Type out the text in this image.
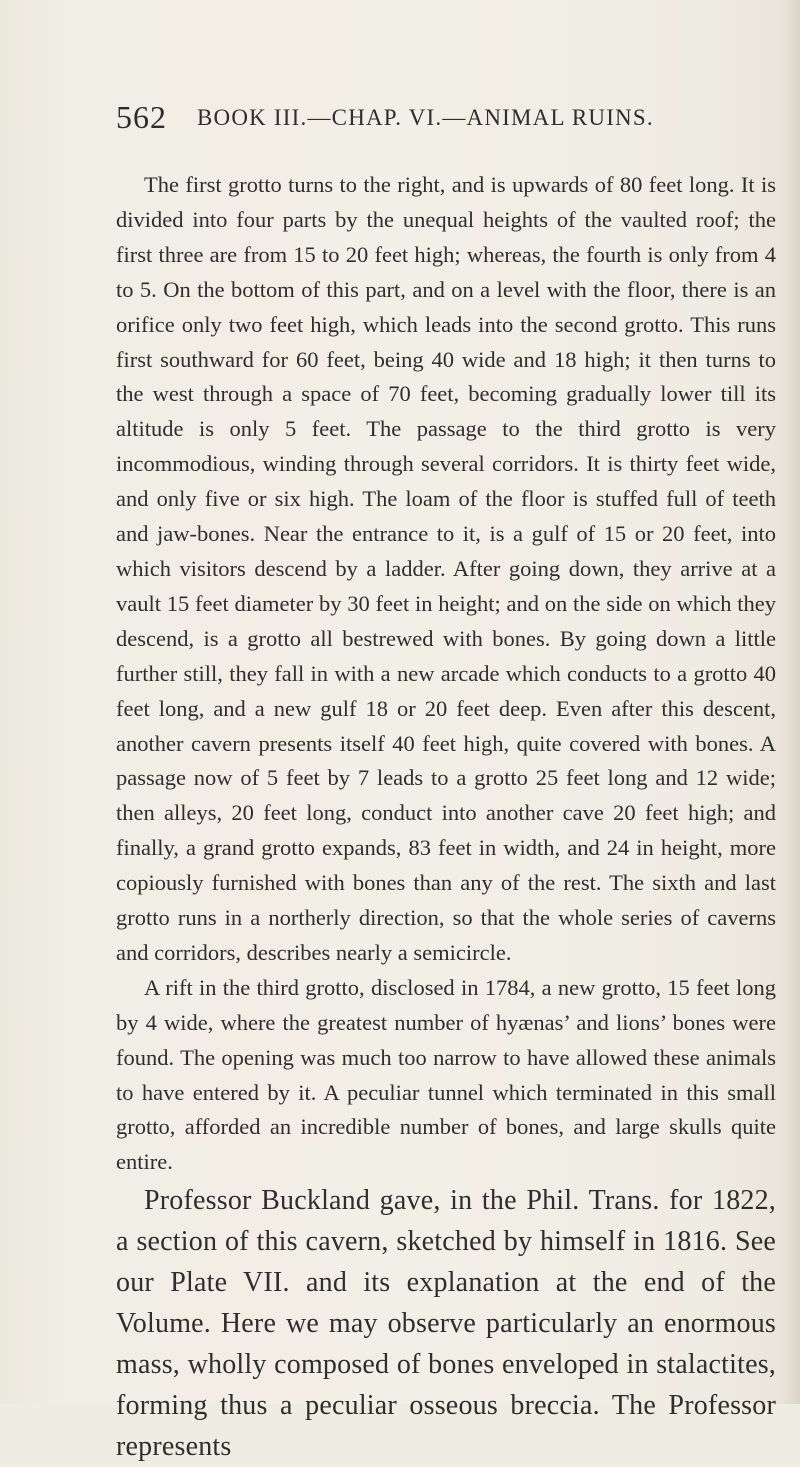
562 BOOK III.—CHAP. VI.—ANIMAL RUINS.

The first grotto turns to the right, and is upwards of 80 feet long. It is divided into four parts by the unequal heights of the vaulted roof; the first three are from 15 to 20 feet high; whereas, the fourth is only from 4 to 5. On the bottom of this part, and on a level with the floor, there is an orifice only two feet high, which leads into the second grotto. This runs first southward for 60 feet, being 40 wide and 18 high; it then turns to the west through a space of 70 feet, becoming gradually lower till its altitude is only 5 feet. The passage to the third grotto is very incommodious, winding through several corridors. It is thirty feet wide, and only five or six high. The loam of the floor is stuffed full of teeth and jaw-bones. Near the entrance to it, is a gulf of 15 or 20 feet, into which visitors descend by a ladder. After going down, they arrive at a vault 15 feet diameter by 30 feet in height; and on the side on which they descend, is a grotto all bestrewed with bones. By going down a little further still, they fall in with a new arcade which conducts to a grotto 40 feet long, and a new gulf 18 or 20 feet deep. Even after this descent, another cavern presents itself 40 feet high, quite covered with bones. A passage now of 5 feet by 7 leads to a grotto 25 feet long and 12 wide; then alleys, 20 feet long, conduct into another cave 20 feet high; and finally, a grand grotto expands, 83 feet in width, and 24 in height, more copiously furnished with bones than any of the rest. The sixth and last grotto runs in a northerly direction, so that the whole series of caverns and corridors, describes nearly a semicircle.

A rift in the third grotto, disclosed in 1784, a new grotto, 15 feet long by 4 wide, where the greatest number of hyænas’ and lions’ bones were found. The opening was much too narrow to have allowed these animals to have entered by it. A peculiar tunnel which terminated in this small grotto, afforded an incredible number of bones, and large skulls quite entire.

Professor Buckland gave, in the Phil. Trans. for 1822, a section of this cavern, sketched by himself in 1816. See our Plate VII. and its explanation at the end of the Volume. Here we may observe particularly an enormous mass, wholly composed of bones enveloped in stalactites, forming thus a peculiar osseous breccia. The Professor represents
